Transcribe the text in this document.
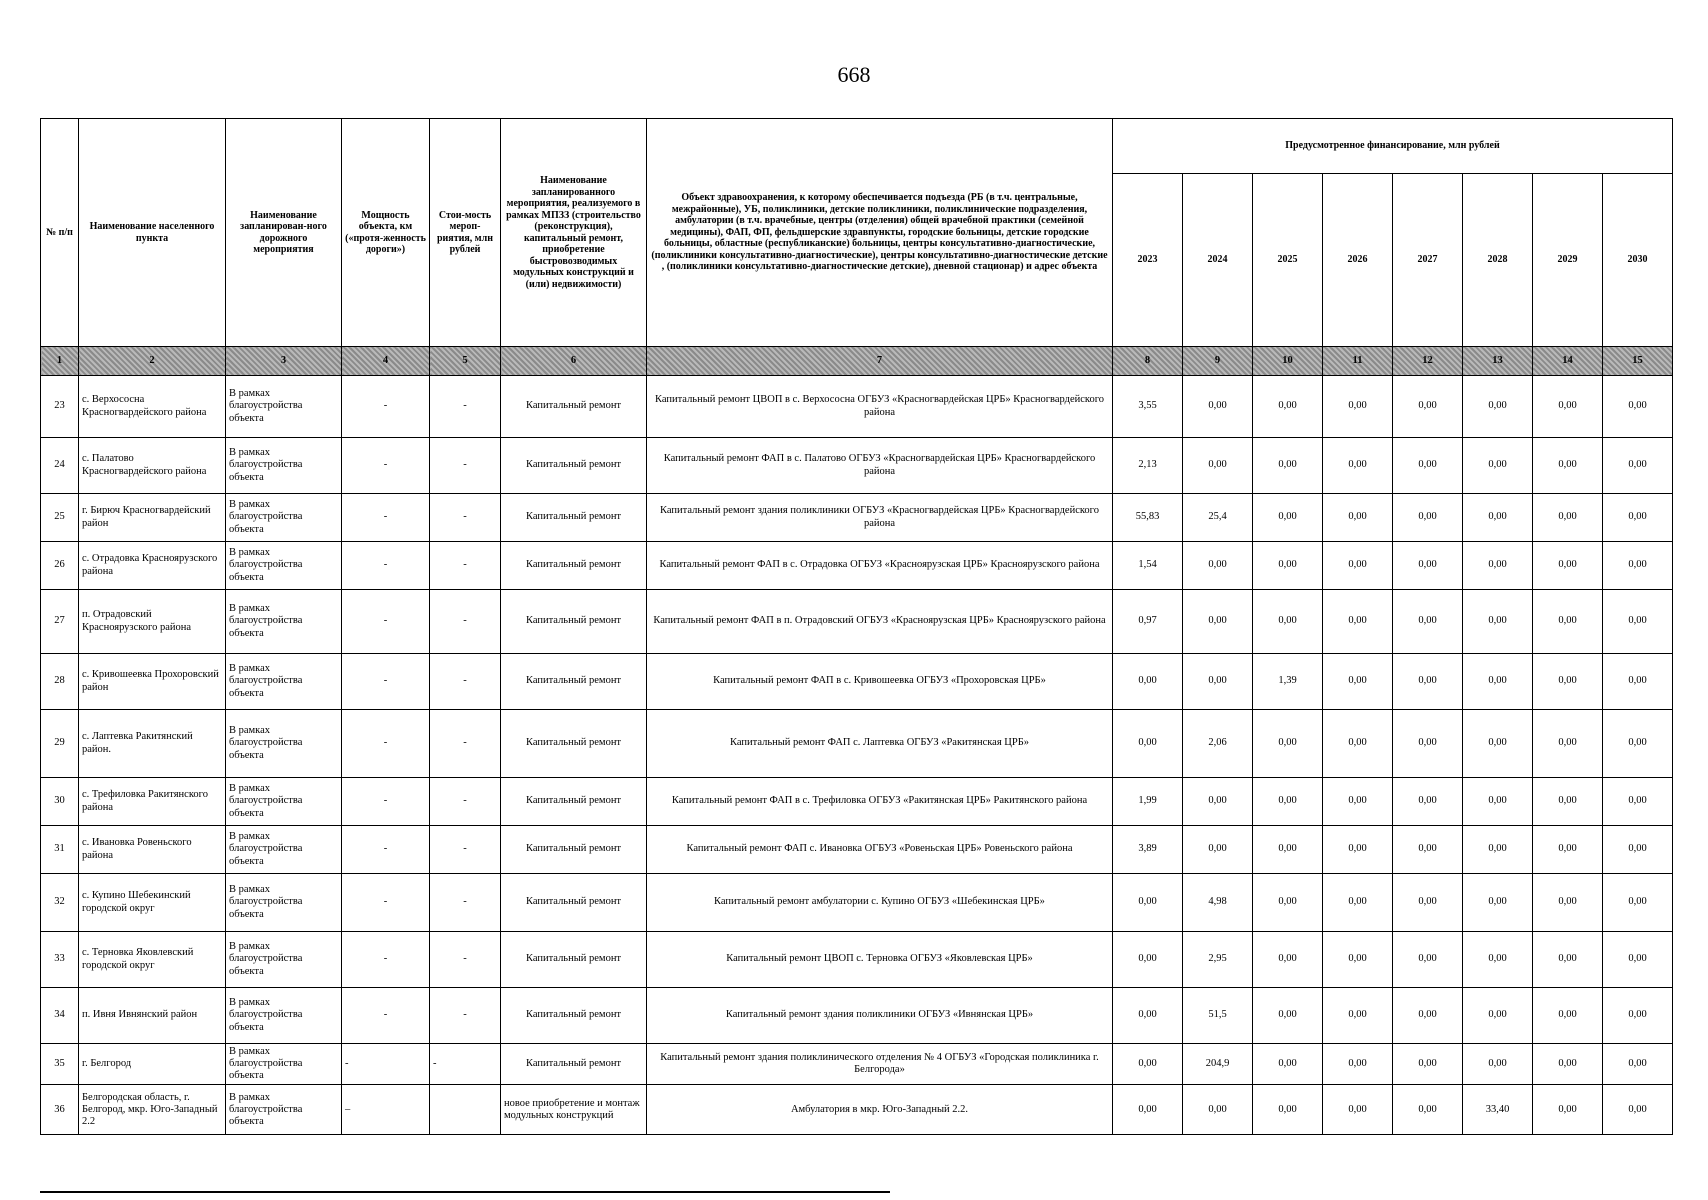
668
№ п/п	Наименование населенного пункта	Наименование запланирован-ного дорожного мероприятия	Мощность объекта, км («протя-женность дороги»)	Стои-мость мероп-риятия, млн рублей	Наименование запланированного мероприятия, реализуемого в рамках МПЗЗ (строительство (реконструкция), капитальный ремонт, приобретение быстровозводимых модульных конструкций и (или) недвижимости)	Объект здравоохранения, к которому обеспечивается подъезда (РБ (в т.ч. центральные, межрайонные), УБ, поликлиники, детские поликлиники, поликлинические подразделения, амбулатории (в т.ч. врачебные, центры (отделения) общей врачебной практики (семейной медицины), ФАП, ФП, фельдшерские здравпункты, городские больницы, детские городские больницы, областные (республиканские) больницы, центры консультативно-диагностические, (поликлиники консультативно-диагностические), центры консультативно-диагностические детские , (поликлиники консультативно-диагностические детские), дневной стационар) и адрес объекта	Предусмотренное финансирование, млн рублей							
							2023	2024	2025	2026	2027	2028	2029	2030
1	2	3	4	5	6	7	8	9	10	11	12	13	14	15
23	с. Верхососна Красногвардейского района	В рамках благоустройства объекта	-	-	Капитальный ремонт	Капитальный ремонт ЦВОП в с. Верхососна ОГБУЗ «Красногвардейская ЦРБ» Красногвардейского района	3,55	0,00	0,00	0,00	0,00	0,00	0,00	0,00
24	с. Палатово Красногвардейского района	В рамках благоустройства объекта	-	-	Капитальный ремонт	Капитальный ремонт ФАП в с. Палатово ОГБУЗ «Красногвардейская ЦРБ» Красногвардейского района	2,13	0,00	0,00	0,00	0,00	0,00	0,00	0,00
25	г. Бирюч Красногвардейский район	В рамках благоустройства объекта	-	-	Капитальный ремонт	Капитальный ремонт здания поликлиники ОГБУЗ «Красногвардейская ЦРБ» Красногвардейского района	55,83	25,4	0,00	0,00	0,00	0,00	0,00	0,00
26	с. Отрадовка Красноярузского района	В рамках благоустройства объекта	-	-	Капитальный ремонт	Капитальный ремонт ФАП в с. Отрадовка ОГБУЗ «Красноярузская ЦРБ» Красноярузского района	1,54	0,00	0,00	0,00	0,00	0,00	0,00	0,00
27	п. Отрадовский Красноярузского района	В рамках благоустройства объекта	-	-	Капитальный ремонт	Капитальный ремонт ФАП в п. Отрадовский ОГБУЗ «Красноярузская ЦРБ» Красноярузского района	0,97	0,00	0,00	0,00	0,00	0,00	0,00	0,00
28	с. Кривошеевка Прохоровский район	В рамках благоустройства объекта	-	-	Капитальный ремонт	Капитальный ремонт ФАП в с. Кривошеевка ОГБУЗ «Прохоровская ЦРБ»	0,00	0,00	1,39	0,00	0,00	0,00	0,00	0,00
29	с. Лаптевка Ракитянский район.	В рамках благоустройства объекта	-	-	Капитальный ремонт	Капитальный ремонт ФАП с. Лаптевка ОГБУЗ «Ракитянская ЦРБ»	0,00	2,06	0,00	0,00	0,00	0,00	0,00	0,00
30	с. Трефиловка Ракитянского района	В рамках благоустройства объекта	-	-	Капитальный ремонт	Капитальный ремонт ФАП в с. Трефиловка ОГБУЗ «Ракитянская ЦРБ» Ракитянского района	1,99	0,00	0,00	0,00	0,00	0,00	0,00	0,00
31	с. Ивановка Ровеньского района	В рамках благоустройства объекта	-	-	Капитальный ремонт	Капитальный ремонт ФАП с. Ивановка ОГБУЗ «Ровеньская ЦРБ» Ровеньского района	3,89	0,00	0,00	0,00	0,00	0,00	0,00	0,00
32	с. Купино Шебекинский городской округ	В рамках благоустройства объекта	-	-	Капитальный ремонт	Капитальный ремонт амбулатории с. Купино ОГБУЗ «Шебекинская ЦРБ»	0,00	4,98	0,00	0,00	0,00	0,00	0,00	0,00
33	с. Терновка Яковлевский городской округ	В рамках благоустройства объекта	-	-	Капитальный ремонт	Капитальный ремонт ЦВОП с. Терновка ОГБУЗ «Яковлевская ЦРБ»	0,00	2,95	0,00	0,00	0,00	0,00	0,00	0,00
34	п. Ивня Ивнянский район	В рамках благоустройства объекта	-	-	Капитальный ремонт	Капитальный ремонт здания поликлиники ОГБУЗ «Ивнянская ЦРБ»	0,00	51,5	0,00	0,00	0,00	0,00	0,00	0,00
35	г. Белгород	В рамках благоустройства объекта	-	-	Капитальный ремонт	Капитальный ремонт здания поликлинического отделения № 4 ОГБУЗ «Городская поликлиника г. Белгорода»	0,00	204,9	0,00	0,00	0,00	0,00	0,00	0,00
36	Белгородская область, г. Белгород, мкр. Юго-Западный 2.2	В рамках благоустройства объекта	–		новое приобретение и монтаж модульных конструкций	Амбулатория в мкр. Юго-Западный 2.2.	0,00	0,00	0,00	0,00	0,00	33,40	0,00	0,00
